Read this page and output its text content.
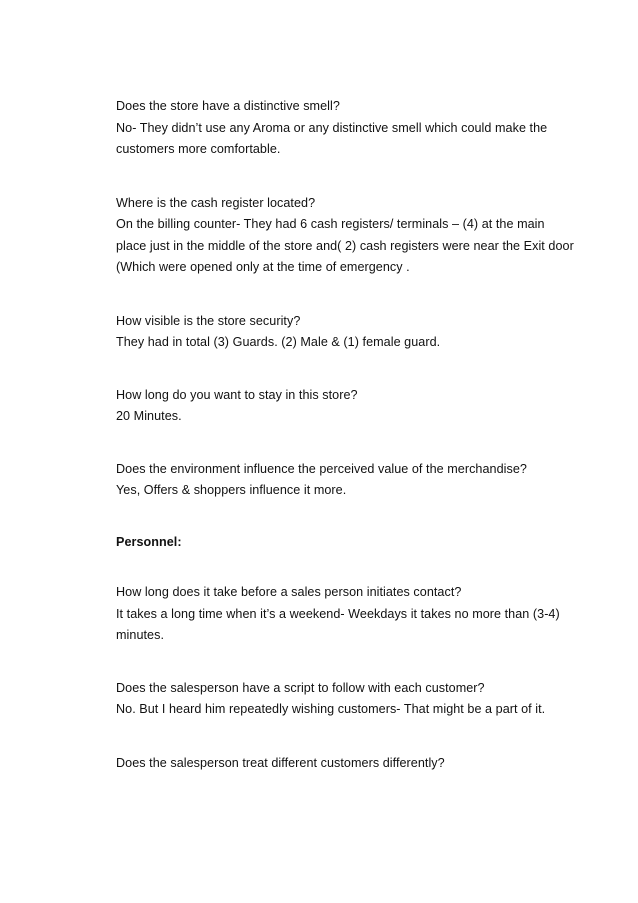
Does the store have a distinctive smell?
No- They didn’t use any Aroma or any distinctive smell which could make the customers more comfortable.
Where is the cash register located?
On the billing counter- They had 6 cash registers/ terminals – (4) at the main place just in the middle of the store and( 2) cash registers were near the Exit door (Which were opened only at the time of emergency .
How visible is the store security?
They had in total (3) Guards. (2) Male & (1) female guard.
How long do you want to stay in this store?
20 Minutes.
Does the environment influence the perceived value of the merchandise?
Yes, Offers & shoppers influence it more.
Personnel:
How long does it take before a sales person initiates contact?
It takes a long time when it’s a weekend- Weekdays it takes no more than (3-4) minutes.
Does the salesperson have a script to follow with each customer?
No. But I heard him repeatedly wishing customers- That might be a part of it.
Does the salesperson treat different customers differently?
